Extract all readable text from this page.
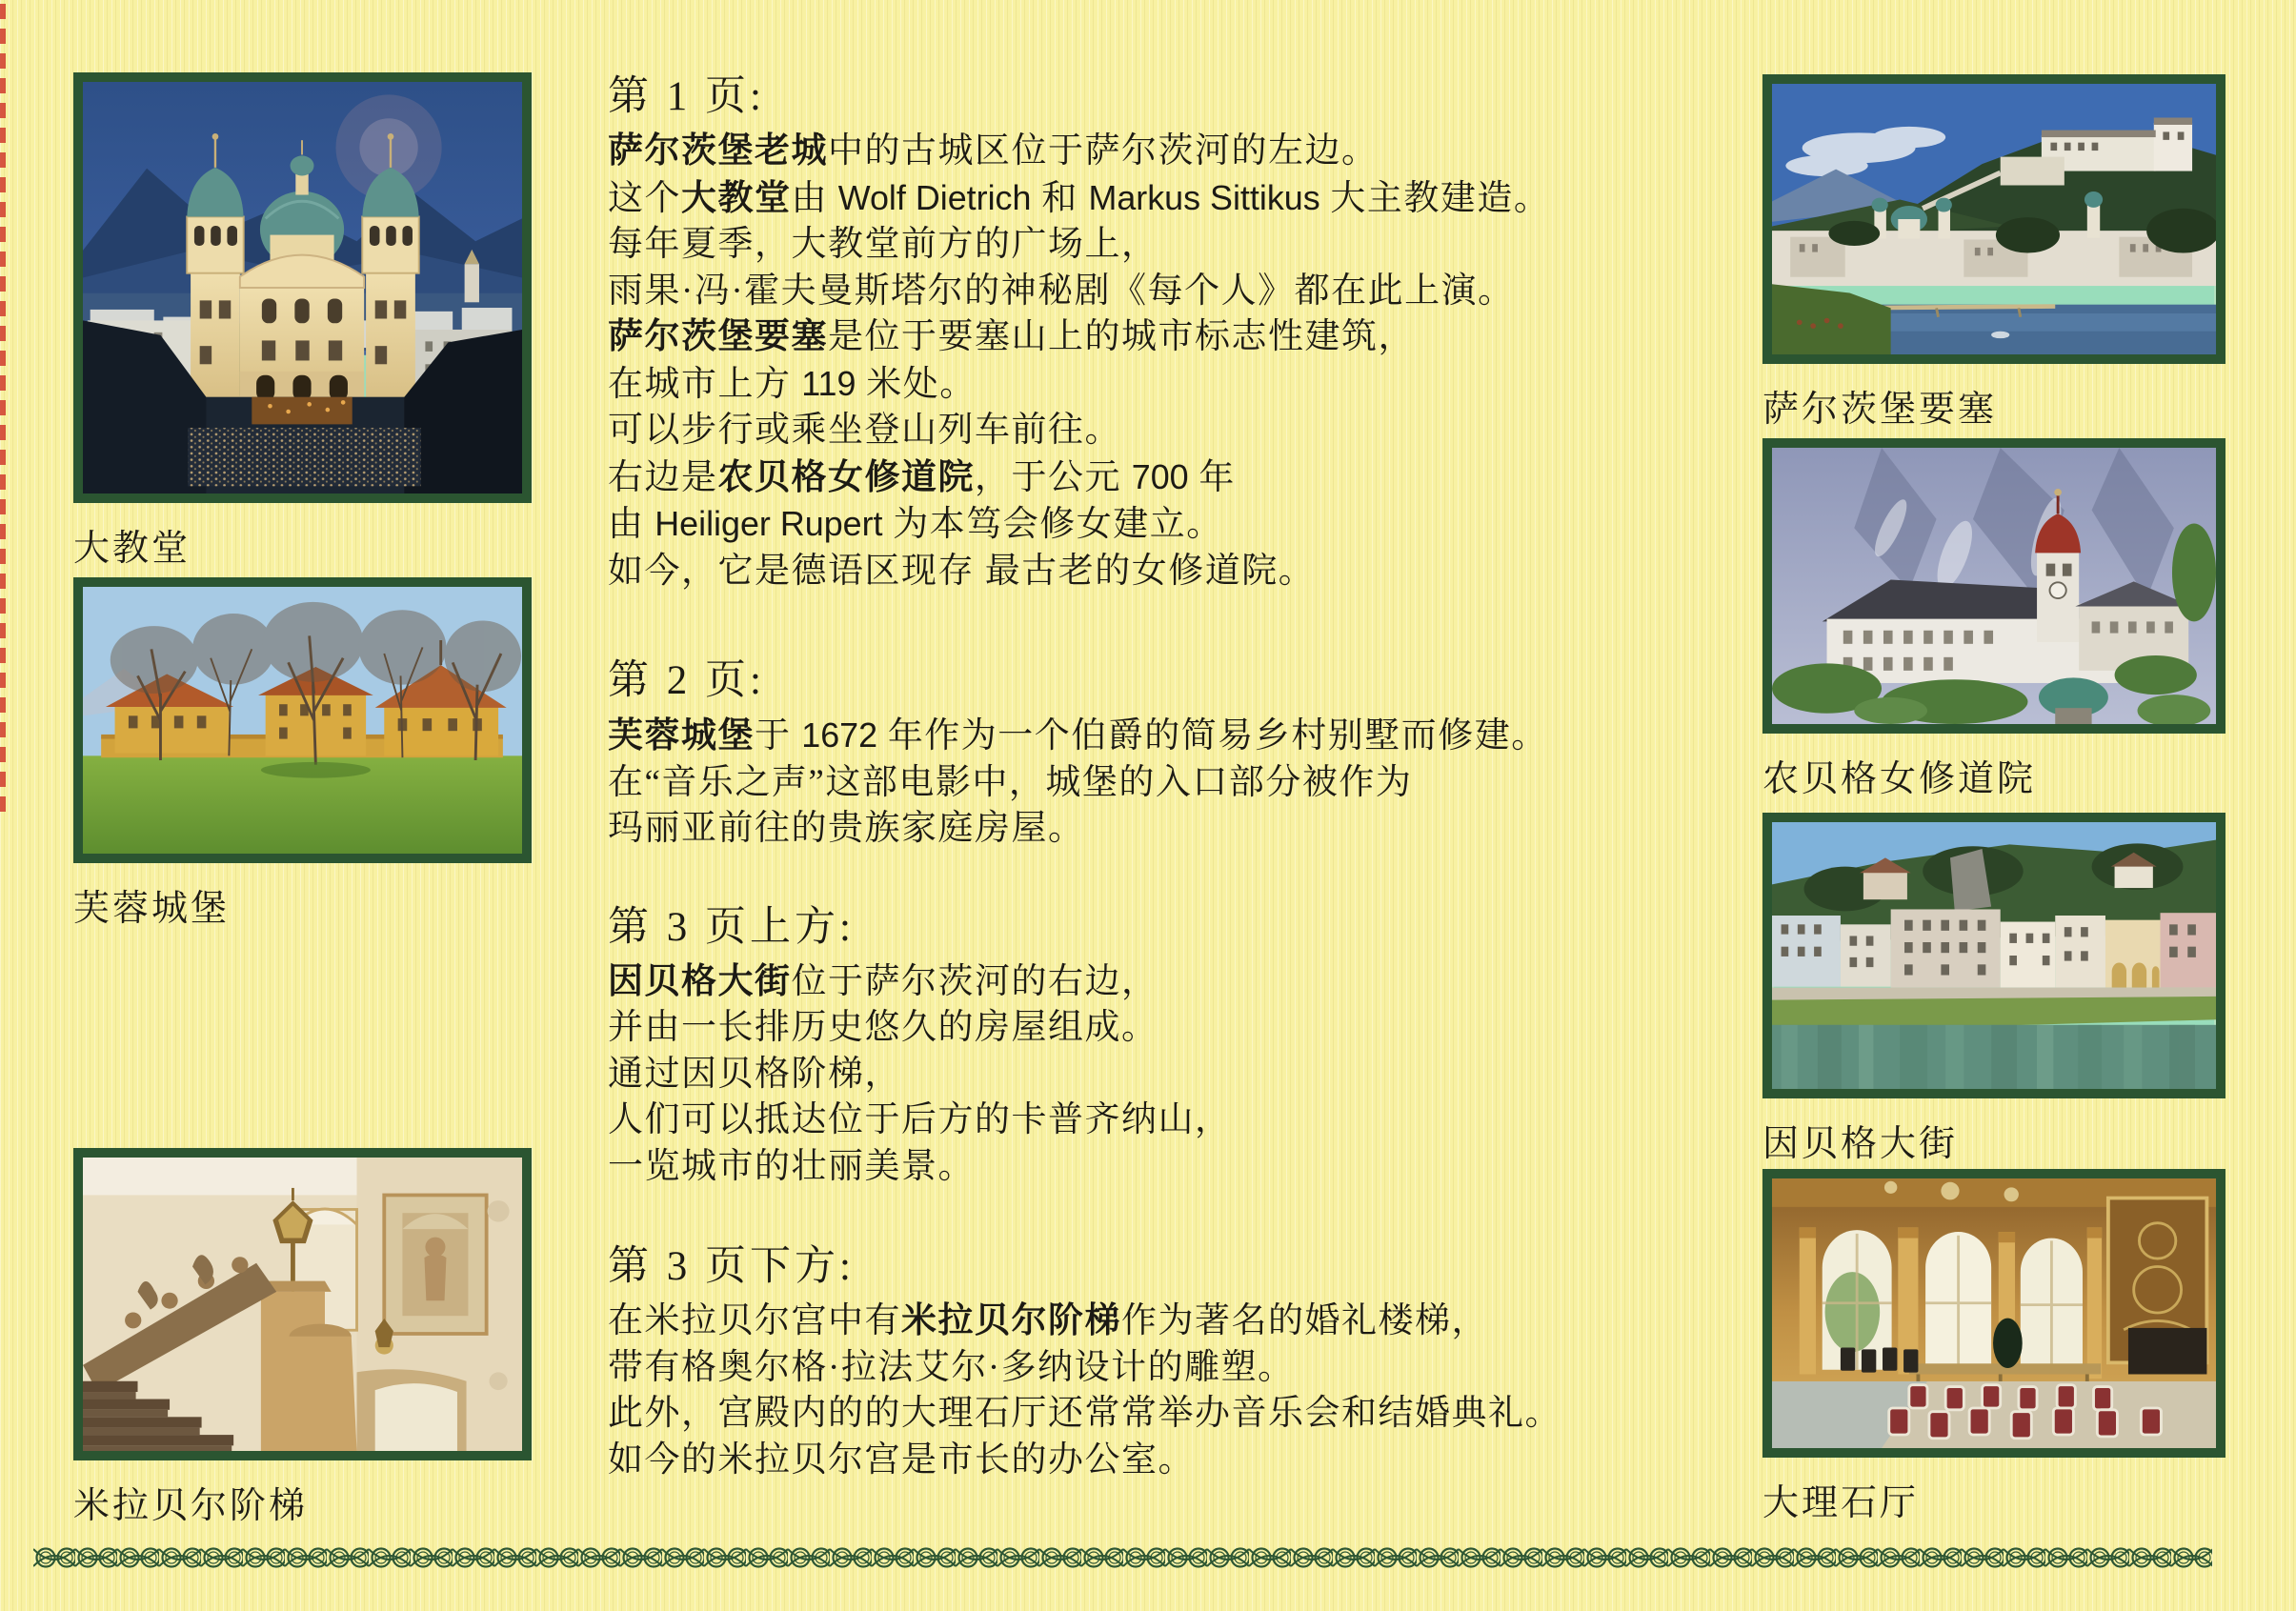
大教堂
芙蓉城堡
米拉贝尔阶梯
第 1 页:
萨尔茨堡老城中的古城区位于萨尔茨河的左边。
这个大教堂由 Wolf Dietrich 和 Markus Sittikus 大主教建造。
每年夏季，大教堂前方的广场上，
雨果·冯·霍夫曼斯塔尔的神秘剧《每个人》都在此上演。
萨尔茨堡要塞是位于要塞山上的城市标志性建筑，
在城市上方 119 米处。
可以步行或乘坐登山列车前往。
右边是农贝格女修道院，于公元 700 年
由 Heiliger Rupert 为本笃会修女建立。
如今，它是德语区现存 最古老的女修道院。
第 2 页:
芙蓉城堡于 1672 年作为一个伯爵的简易乡村别墅而修建。
在“音乐之声”这部电影中，城堡的入口部分被作为
玛丽亚前往的贵族家庭房屋。
第 3 页上方:
因贝格大街位于萨尔茨河的右边，
并由一长排历史悠久的房屋组成。
通过因贝格阶梯，
人们可以抵达位于后方的卡普齐纳山，
一览城市的壮丽美景。
第 3 页下方:
在米拉贝尔宫中有米拉贝尔阶梯作为著名的婚礼楼梯，
带有格奥尔格·拉法艾尔·多纳设计的雕塑。
此外，宫殿内的的大理石厅还常常举办音乐会和结婚典礼。
如今的米拉贝尔宫是市长的办公室。
萨尔茨堡要塞
农贝格女修道院
因贝格大街
大理石厅
